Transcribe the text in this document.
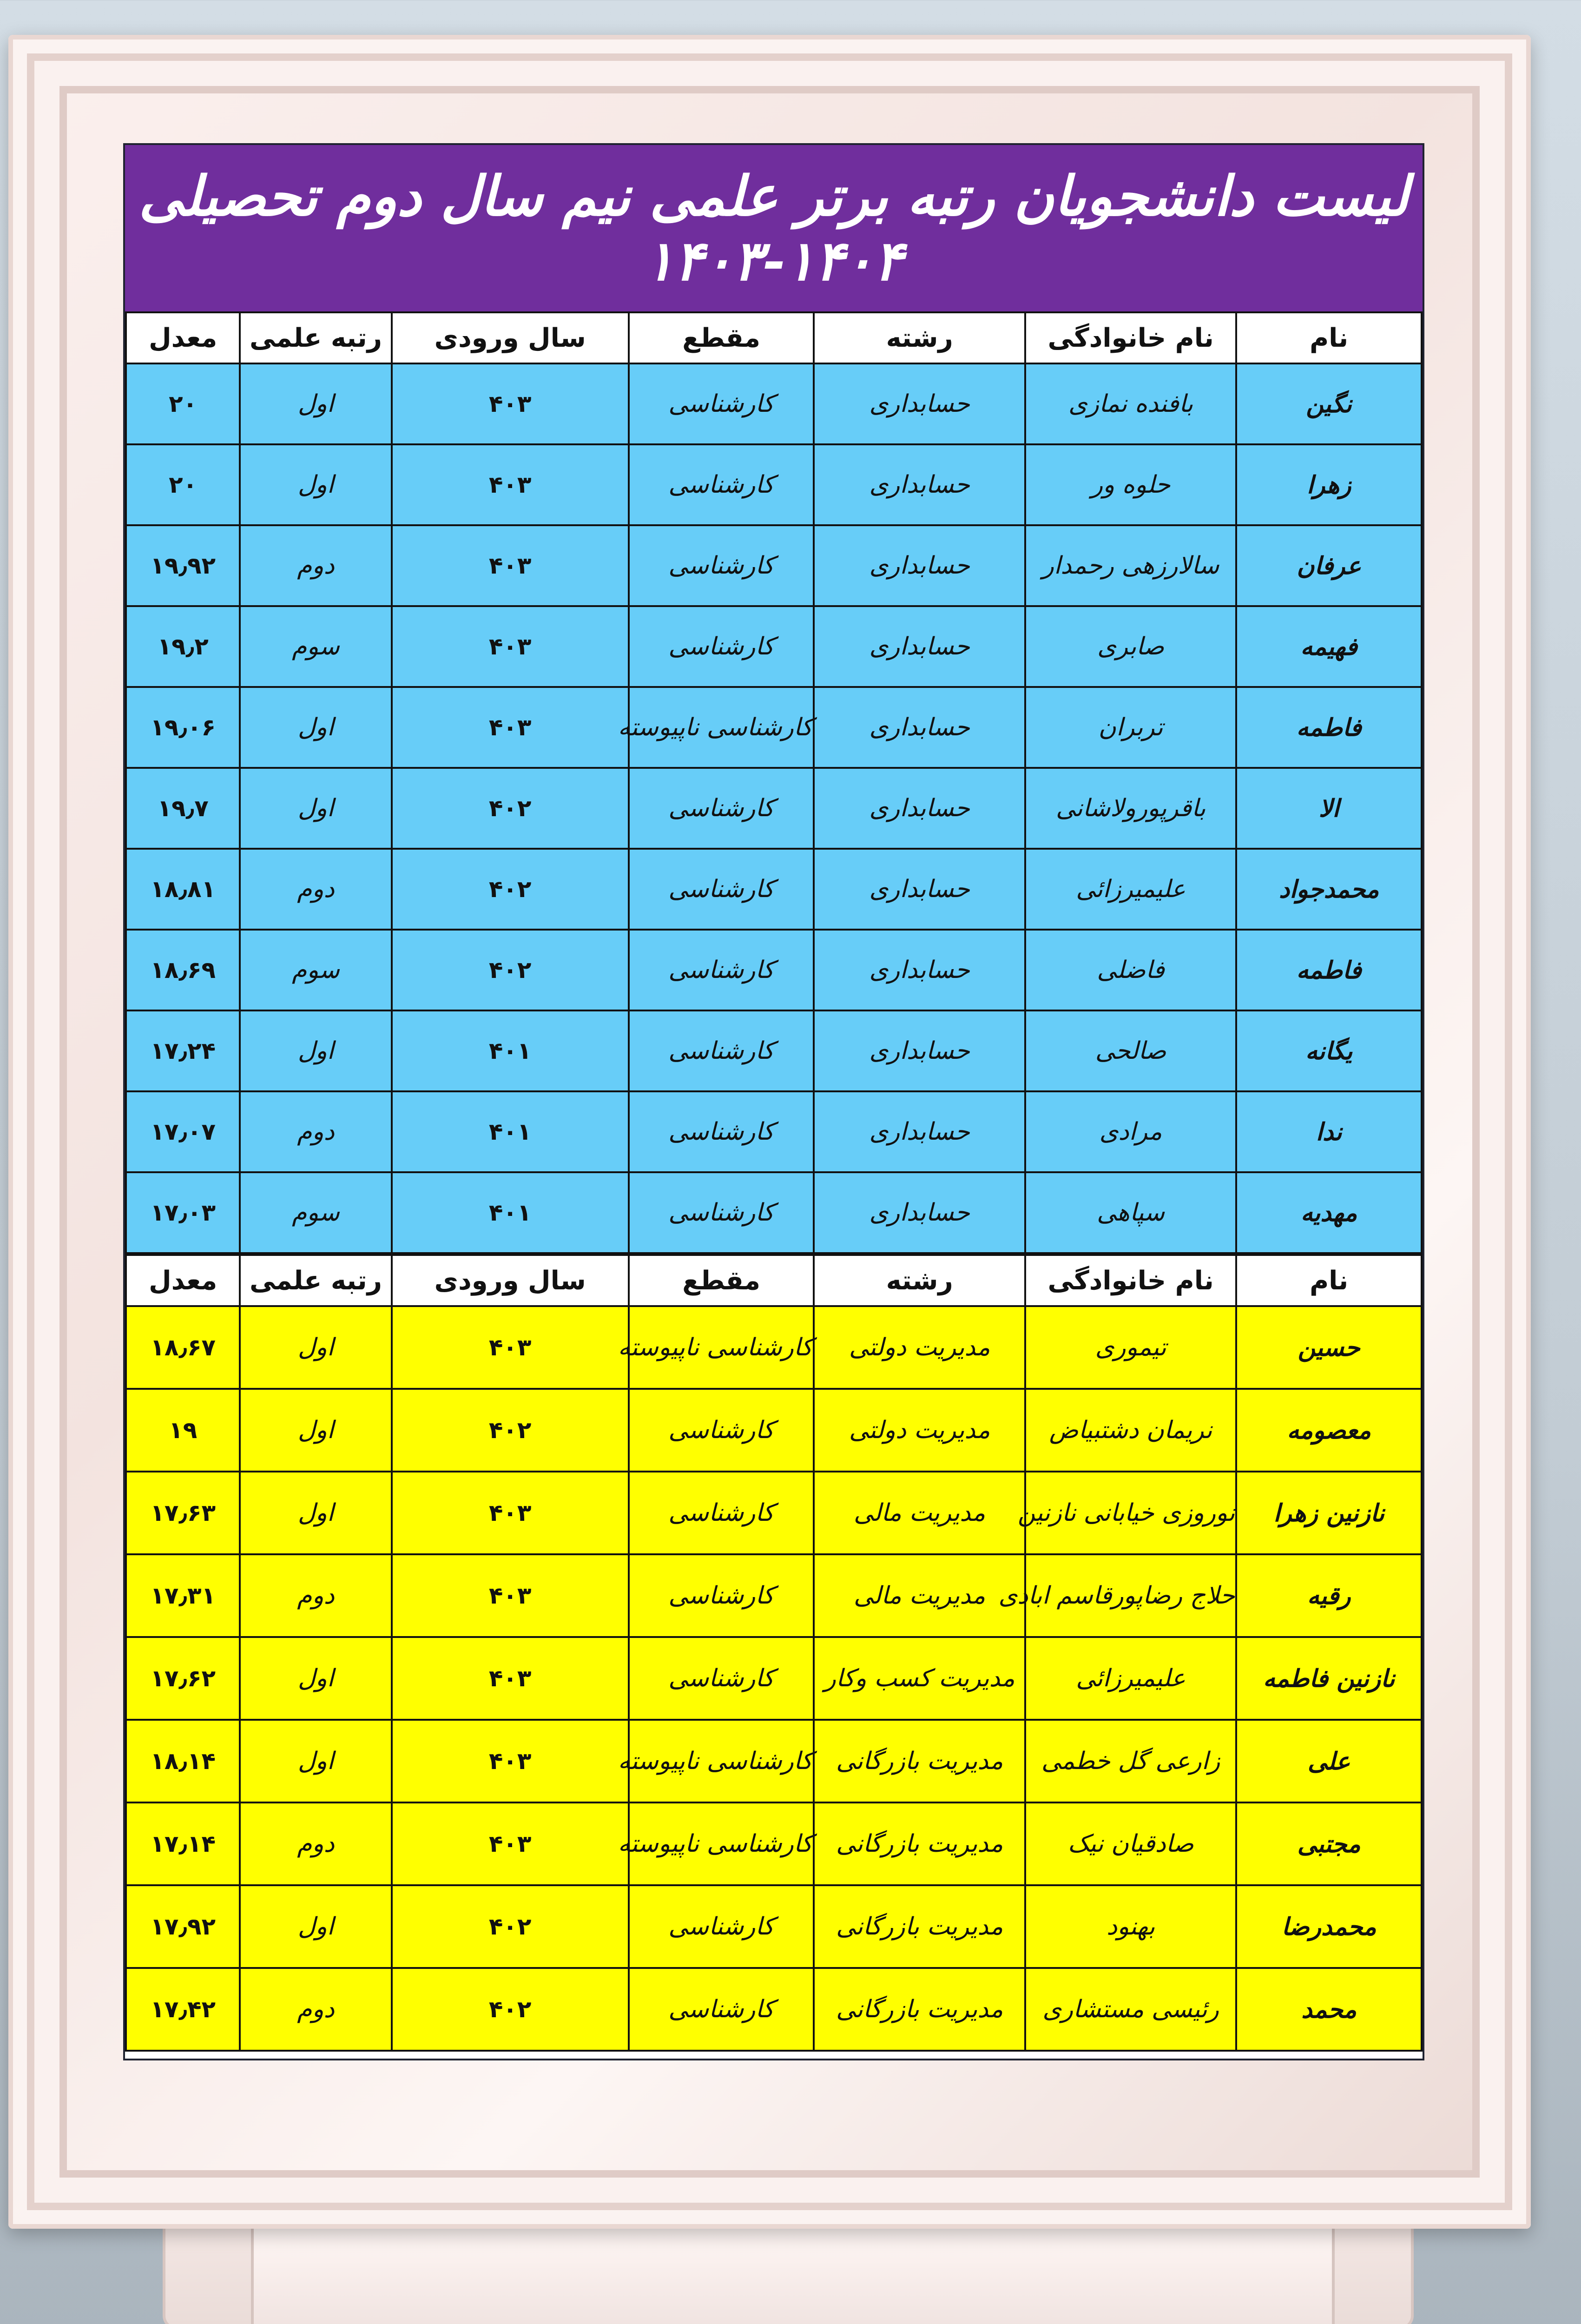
لیست دانشجویان رتبه برتر علمی نیم سال دوم تحصیلی ۱۴۰۴-۱۴۰۳
نام	نام خانوادگی	رشته	مقطع	سال ورودی	رتبه علمی	معدل
نگین	بافنده نمازی	حسابداری	کارشناسی	۴۰۳	اول	۲۰
زهرا	حلوه ور	حسابداری	کارشناسی	۴۰۳	اول	۲۰
عرفان	سالارزهی رحمدار	حسابداری	کارشناسی	۴۰۳	دوم	۱۹٫۹۲
فهیمه	صابری	حسابداری	کارشناسی	۴۰۳	سوم	۱۹٫۲
فاطمه	تربران	حسابداری	کارشناسی ناپیوسته	۴۰۳	اول	۱۹٫۰۶
الا	باقرپورولاشانی	حسابداری	کارشناسی	۴۰۲	اول	۱۹٫۷
محمدجواد	علیمیرزائی	حسابداری	کارشناسی	۴۰۲	دوم	۱۸٫۸۱
فاطمه	فاضلی	حسابداری	کارشناسی	۴۰۲	سوم	۱۸٫۶۹
یگانه	صالحی	حسابداری	کارشناسی	۴۰۱	اول	۱۷٫۲۴
ندا	مرادی	حسابداری	کارشناسی	۴۰۱	دوم	۱۷٫۰۷
مهدیه	سپاهی	حسابداری	کارشناسی	۴۰۱	سوم	۱۷٫۰۳
نام	نام خانوادگی	رشته	مقطع	سال ورودی	رتبه علمی	معدل
حسین	تیموری	مدیریت دولتی	کارشناسی ناپیوسته	۴۰۳	اول	۱۸٫۶۷
معصومه	نریمان دشتبیاض	مدیریت دولتی	کارشناسی	۴۰۲	اول	۱۹
نازنین زهرا	نوروزی خیابانی نازنین	مدیریت مالی	کارشناسی	۴۰۳	اول	۱۷٫۶۳
رقیه	حلاج رضاپورقاسم ابادی	مدیریت مالی	کارشناسی	۴۰۳	دوم	۱۷٫۳۱
نازنین فاطمه	علیمیرزائی	مدیریت کسب وکار	کارشناسی	۴۰۳	اول	۱۷٫۶۲
علی	زارعی گل خطمی	مدیریت بازرگانی	کارشناسی ناپیوسته	۴۰۳	اول	۱۸٫۱۴
مجتبی	صادقیان نیک	مدیریت بازرگانی	کارشناسی ناپیوسته	۴۰۳	دوم	۱۷٫۱۴
محمدرضا	بهنود	مدیریت بازرگانی	کارشناسی	۴۰۲	اول	۱۷٫۹۲
محمد	رئیسی مستشاری	مدیریت بازرگانی	کارشناسی	۴۰۲	دوم	۱۷٫۴۲
